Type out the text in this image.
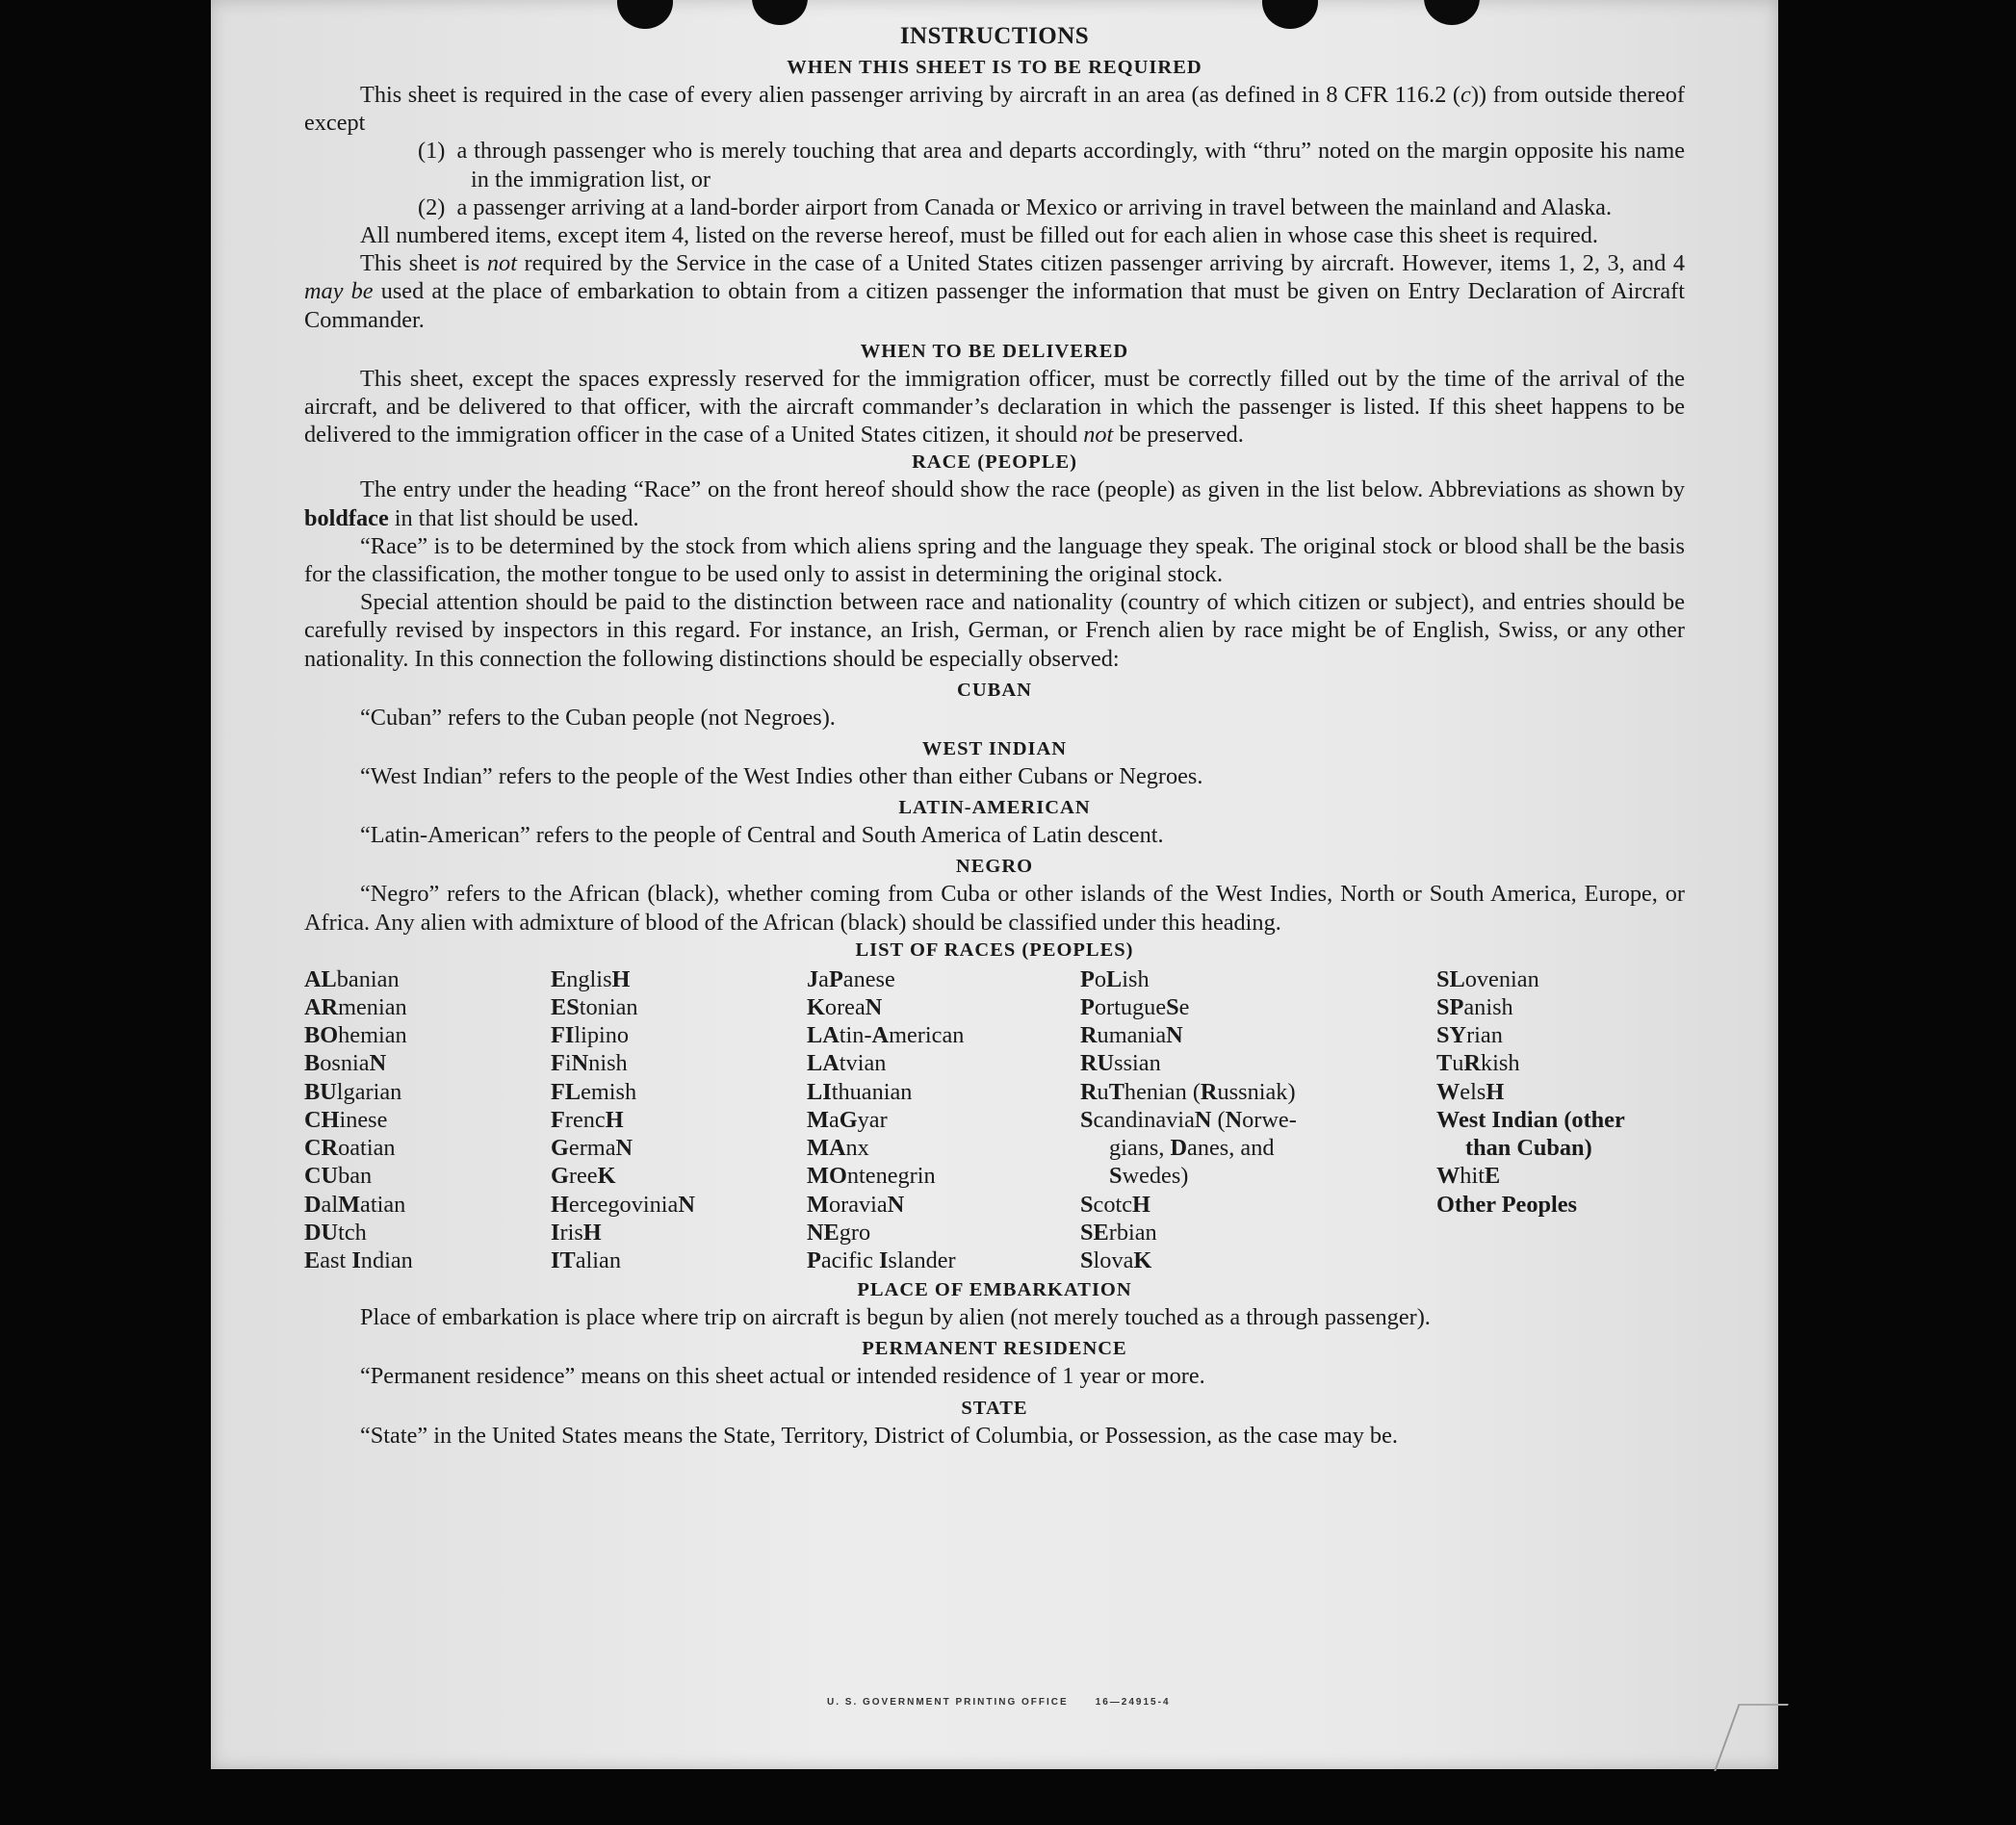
INSTRUCTIONS
WHEN THIS SHEET IS TO BE REQUIRED

This sheet is required in the case of every alien passenger arriving by aircraft in an area (as defined in 8 CFR 116.2 (c)) from outside thereof except

(1) a through passenger who is merely touching that area and departs accordingly, with “thru” noted on the margin opposite his name in the immigration list, or

(2) a passenger arriving at a land-border airport from Canada or Mexico or arriving in travel between the mainland and Alaska.

All numbered items, except item 4, listed on the reverse hereof, must be filled out for each alien in whose case this sheet is required.

This sheet is not required by the Service in the case of a United States citizen passenger arriving by aircraft. However, items 1, 2, 3, and 4 may be used at the place of embarkation to obtain from a citizen passenger the information that must be given on Entry Declaration of Aircraft Commander.

WHEN TO BE DELIVERED

This sheet, except the spaces expressly reserved for the immigration officer, must be correctly filled out by the time of the arrival of the aircraft, and be delivered to that officer, with the aircraft commander’s declaration in which the passenger is listed. If this sheet happens to be delivered to the immigration officer in the case of a United States citizen, it should not be preserved.

RACE (PEOPLE)

The entry under the heading “Race” on the front hereof should show the race (people) as given in the list below. Abbreviations as shown by boldface in that list should be used.

“Race” is to be determined by the stock from which aliens spring and the language they speak. The original stock or blood shall be the basis for the classification, the mother tongue to be used only to assist in determining the original stock.

Special attention should be paid to the distinction between race and nationality (country of which citizen or subject), and entries should be carefully revised by inspectors in this regard. For instance, an Irish, German, or French alien by race might be of English, Swiss, or any other nationality. In this connection the following distinctions should be especially observed:

CUBAN

“Cuban” refers to the Cuban people (not Negroes).

WEST INDIAN

“West Indian” refers to the people of the West Indies other than either Cubans or Negroes.

LATIN-AMERICAN

“Latin-American” refers to the people of Central and South America of Latin descent.

NEGRO

“Negro” refers to the African (black), whether coming from Cuba or other islands of the West Indies, North or South America, Europe, or Africa. Any alien with admixture of blood of the African (black) should be classified under this heading.

LIST OF RACES (PEOPLES)
ALbanian
ARmenian
BOhemian
BosniaN
BUlgarian
CHinese
CRoatian
CUban
DalMatian
DUtch
East Indian
EnglisH
EStonian
FIlipino
FiNnish
FLemish
FrencH
GermaN
GreeK
HercegoviniaN
IrisH
ITalian
JaPanese
KoreaN
LAtin-American
LAtvian
LIthuanian
MaGyar
MAnx
MOntenegrin
MoraviaN
NEgro
Pacific Islander
PoLish
PortugueSe
RumaniaN
RUssian
RuThenian (Russniak)
ScandinaviaN (Norwe-
gians, Danes, and
Swedes)
ScotcH
SErbian
SlovaK
SLovenian
SPanish
SYrian
TuRkish
WelsH
West Indian (other
than Cuban)
WhitE
Other Peoples
PLACE OF EMBARKATION

Place of embarkation is place where trip on aircraft is begun by alien (not merely touched as a through passenger).

PERMANENT RESIDENCE

“Permanent residence” means on this sheet actual or intended residence of 1 year or more.

STATE

“State” in the United States means the State, Territory, District of Columbia, or Possession, as the case may be.

U. S. GOVERNMENT PRINTING OFFICE	16—24915-4
